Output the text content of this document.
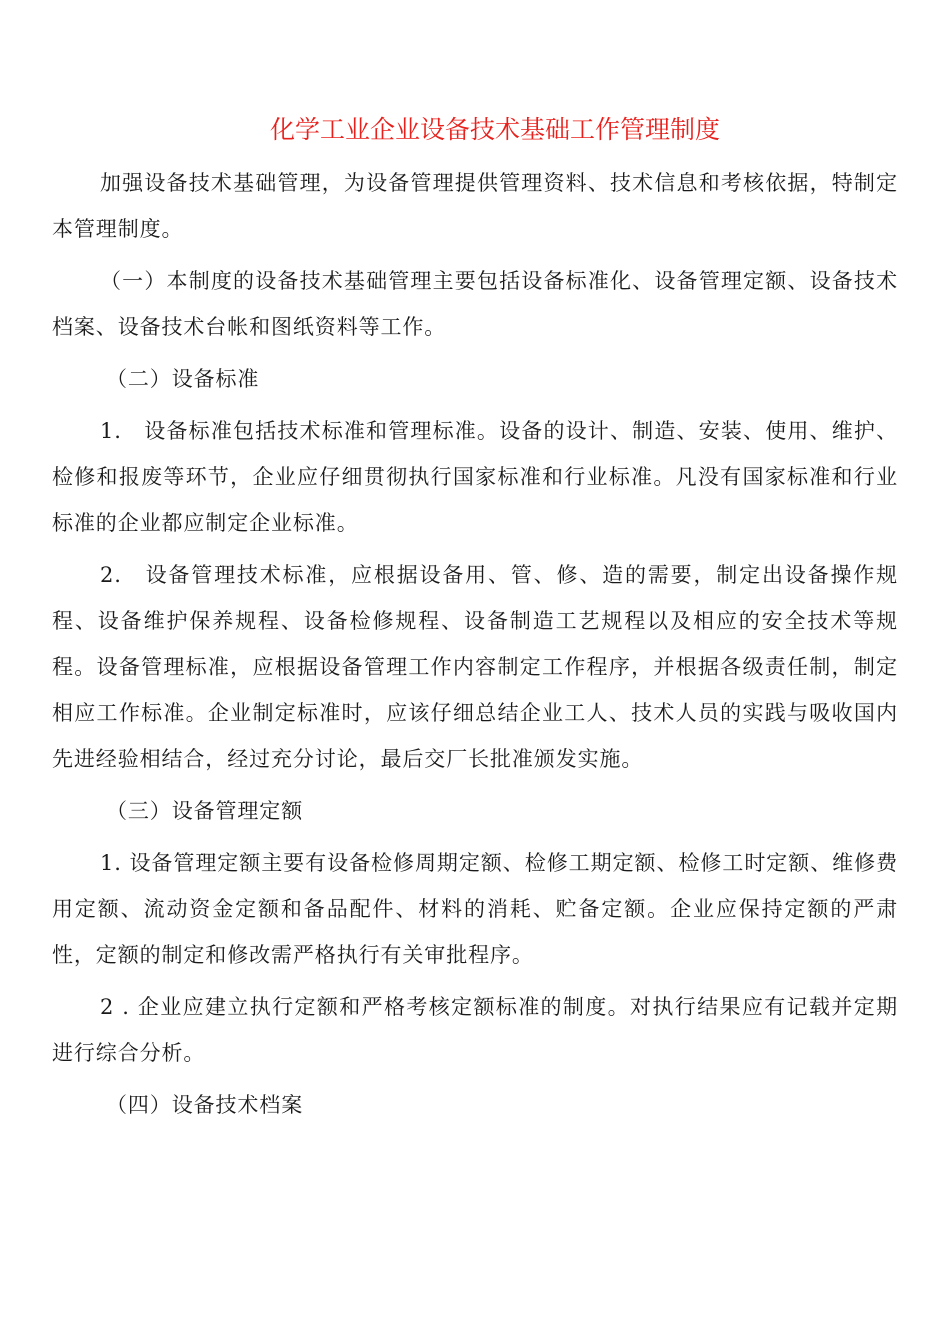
化学工业企业设备技术基础工作管理制度

加强设备技术基础管理，为设备管理提供管理资料、技术信息和考核依据，特制定本管理制度。

（一）本制度的设备技术基础管理主要包括设备标准化、设备管理定额、设备技术档案、设备技术台帐和图纸资料等工作。

（二）设备标准

1.　设备标准包括技术标准和管理标准。设备的设计、制造、安装、使用、维护、检修和报废等环节，企业应仔细贯彻执行国家标准和行业标准。凡没有国家标准和行业标准的企业都应制定企业标准。

2.　设备管理技术标准，应根据设备用、管、修、造的需要，制定出设备操作规程、设备维护保养规程、设备检修规程、设备制造工艺规程以及相应的安全技术等规程。设备管理标准，应根据设备管理工作内容制定工作程序，并根据各级责任制，制定相应工作标准。企业制定标准时，应该仔细总结企业工人、技术人员的实践与吸收国内先进经验相结合，经过充分讨论，最后交厂长批准颁发实施。

（三）设备管理定额

1. 设备管理定额主要有设备检修周期定额、检修工期定额、检修工时定额、维修费用定额、流动资金定额和备品配件、材料的消耗、贮备定额。企业应保持定额的严肃性，定额的制定和修改需严格执行有关审批程序。

2 . 企业应建立执行定额和严格考核定额标准的制度。对执行结果应有记载并定期进行综合分析。

（四）设备技术档案
